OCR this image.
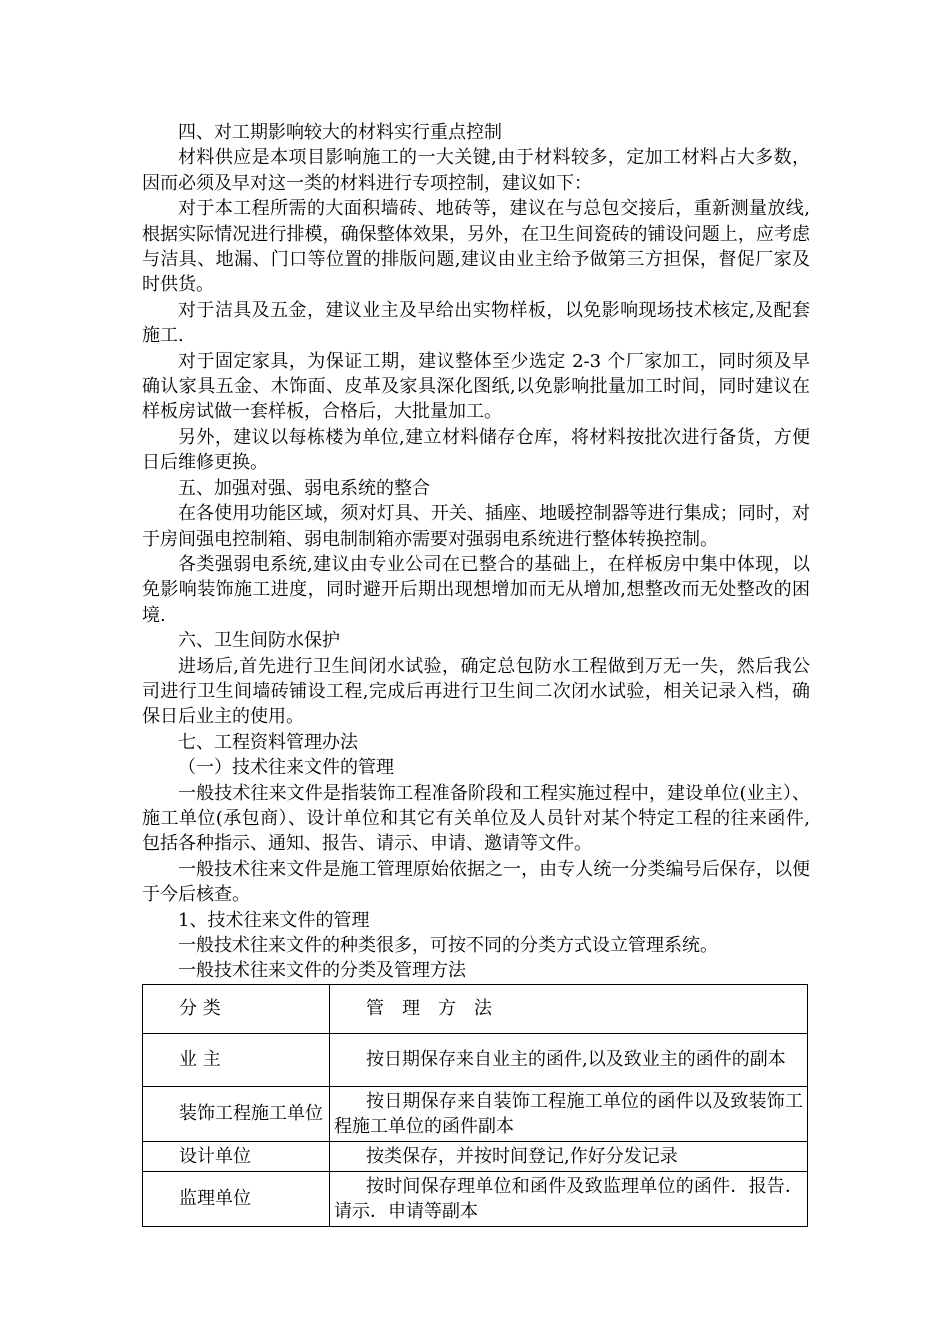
四、对工期影响较大的材料实行重点控制

材料供应是本项目影响施工的一大关键,由于材料较多，定加工材料占大多数，因而必须及早对这一类的材料进行专项控制，建议如下：

对于本工程所需的大面积墙砖、地砖等，建议在与总包交接后，重新测量放线,根据实际情况进行排模，确保整体效果，另外，在卫生间瓷砖的铺设问题上，应考虑与洁具、地漏、门口等位置的排版问题,建议由业主给予做第三方担保，督促厂家及时供货。

对于洁具及五金，建议业主及早给出实物样板，以免影响现场技术核定,及配套施工.

对于固定家具，为保证工期，建议整体至少选定 2-3 个厂家加工，同时须及早确认家具五金、木饰面、皮革及家具深化图纸,以免影响批量加工时间，同时建议在样板房试做一套样板，合格后，大批量加工。

另外，建议以每栋楼为单位,建立材料储存仓库，将材料按批次进行备货，方便日后维修更换。

五、加强对强、弱电系统的整合

在各使用功能区域，须对灯具、开关、插座、地暖控制器等进行集成；同时，对于房间强电控制箱、弱电制制箱亦需要对强弱电系统进行整体转换控制。

各类强弱电系统,建议由专业公司在已整合的基础上，在样板房中集中体现，以免影响装饰施工进度，同时避开后期出现想增加而无从增加,想整改而无处整改的困境.

六、卫生间防水保护

进场后,首先进行卫生间闭水试验，确定总包防水工程做到万无一失，然后我公司进行卫生间墙砖铺设工程,完成后再进行卫生间二次闭水试验，相关记录入档，确保日后业主的使用。

七、工程资料管理办法

（一）技术往来文件的管理

一般技术往来文件是指装饰工程准备阶段和工程实施过程中，建设单位(业主）、施工单位(承包商）、设计单位和其它有关单位及人员针对某个特定工程的往来函件,包括各种指示、通知、报告、请示、申请、邀请等文件。

一般技术往来文件是施工管理原始依据之一，由专人统一分类编号后保存，以便于今后核查。

1、技术往来文件的管理

一般技术往来文件的种类很多，可按不同的分类方式设立管理系统。

一般技术往来文件的分类及管理方法

分 类	管　理　方　法
业 主	按日期保存来自业主的函件,以及致业主的函件的副本
装饰工程施工单位	按日期保存来自装饰工程施工单位的函件以及致装饰工程施工单位的函件副本
设计单位	按类保存，并按时间登记,作好分发记录
监理单位	按时间保存理单位和函件及致监理单位的函件．报告．请示．申请等副本
